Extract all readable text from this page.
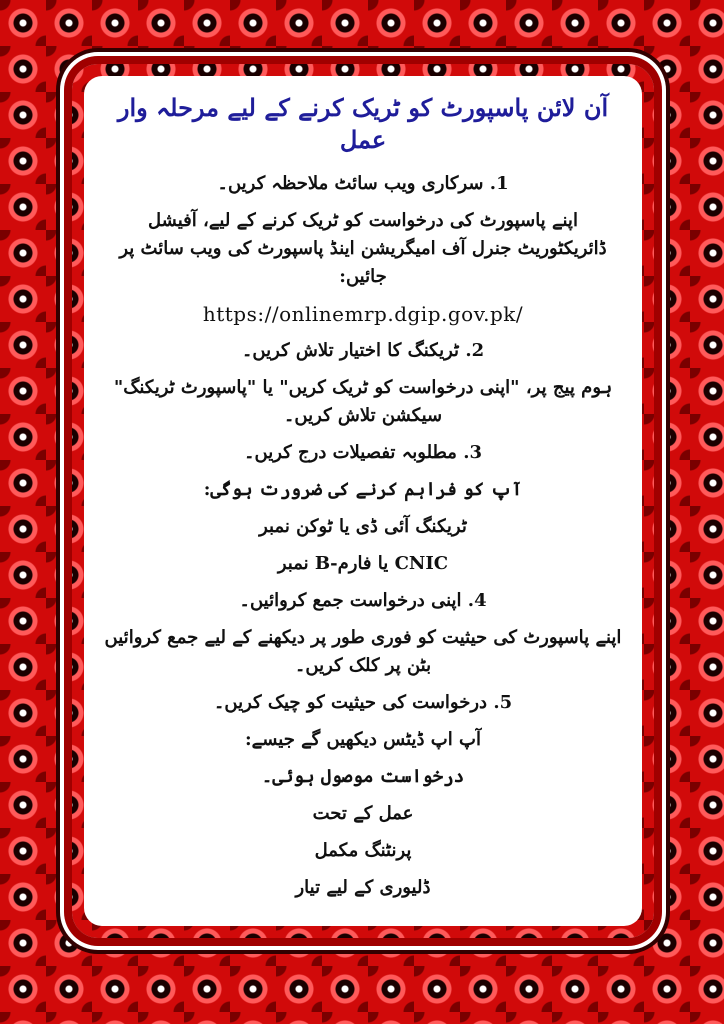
آن لائن پاسپورٹ کو ٹریک کرنے کے لیے مرحلہ وار عمل
1. سرکاری ویب سائٹ ملاحظہ کریں۔
اپنے پاسپورٹ کی درخواست کو ٹریک کرنے کے لیے، آفیشل ڈائریکٹوریٹ جنرل آف امیگریشن اینڈ پاسپورٹ کی ویب سائٹ پر جائیں:
https://onlinemrp.dgip.gov.pk/
2. ٹریکنگ کا اختیار تلاش کریں۔
ہوم پیج پر، "اپنی درخواست کو ٹریک کریں" یا "پاسپورٹ ٹریکنگ" سیکشن تلاش کریں۔
3. مطلوبہ تفصیلات درج کریں۔
آپ کو فراہم کرنے کی ضرورت ہوگی:
ٹریکنگ آئی ڈی یا ٹوکن نمبر
CNIC یا فارم-B نمبر
4. اپنی درخواست جمع کروائیں۔
اپنے پاسپورٹ کی حیثیت کو فوری طور پر دیکھنے کے لیے جمع کروائیں بٹن پر کلک کریں۔
5. درخواست کی حیثیت کو چیک کریں۔
آپ اپ ڈیٹس دیکھیں گے جیسے:
درخواست موصول ہوئی۔
عمل کے تحت
پرنٹنگ مکمل
ڈلیوری کے لیے تیار
